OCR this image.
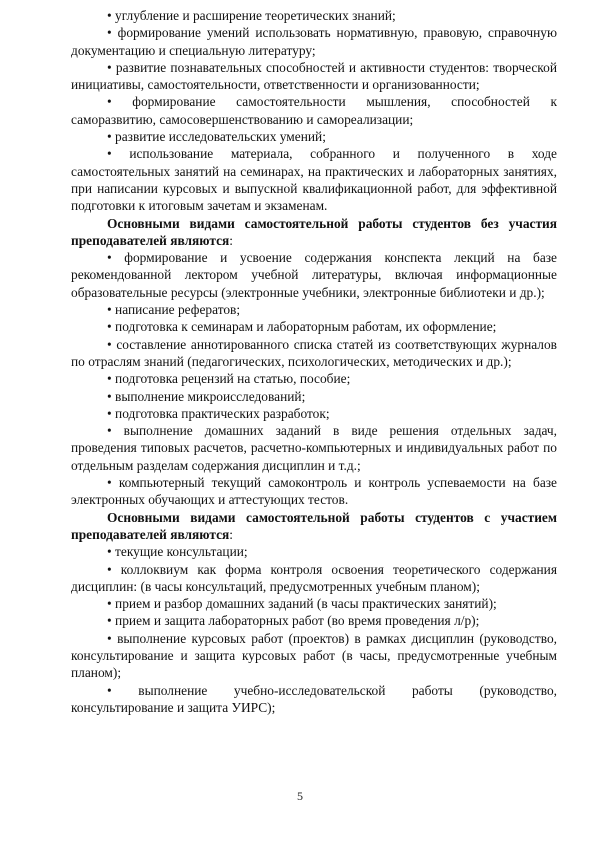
• углубление и расширение теоретических знаний;

• формирование умений использовать нормативную, правовую, справочную документацию и специальную литературу;

• развитие познавательных способностей и активности студентов: творческой инициативы, самостоятельности, ответственности и организованности;

• формирование самостоятельности мышления, способностей к саморазвитию, самосовершенствованию и самореализации;

• развитие исследовательских умений;

• использование материала, собранного и полученного в ходе самостоятельных занятий на семинарах, на практических и лабораторных занятиях, при написании курсовых и выпускной квалификационной работ, для эффективной подготовки к итоговым зачетам и экзаменам.

Основными видами самостоятельной работы студентов без участия преподавателей являются:

• формирование и усвоение содержания конспекта лекций на базе рекомендованной лектором учебной литературы, включая информационные образовательные ресурсы (электронные учебники, электронные библиотеки и др.);

• написание рефератов;

• подготовка к семинарам и лабораторным работам, их оформление;

• составление аннотированного списка статей из соответствующих журналов по отраслям знаний (педагогических, психологических, методических и др.);

• подготовка рецензий на статью, пособие;

• выполнение микроисследований;

• подготовка практических разработок;

• выполнение домашних заданий в виде решения отдельных задач, проведения типовых расчетов, расчетно-компьютерных и индивидуальных работ по отдельным разделам содержания дисциплин и т.д.;

• компьютерный текущий самоконтроль и контроль успеваемости на базе электронных обучающих и аттестующих тестов.

Основными видами самостоятельной работы студентов с участием преподавателей являются:

• текущие консультации;

• коллоквиум как форма контроля освоения теоретического содержания дисциплин: (в часы консультаций, предусмотренных учебным планом);

• прием и разбор домашних заданий (в часы практических занятий);

• прием и защита лабораторных работ (во время проведения л/р);

• выполнение курсовых работ (проектов) в рамках дисциплин (руководство, консультирование и защита курсовых работ (в часы, предусмотренные учебным планом);

• выполнение учебно-исследовательской работы (руководство, консультирование и защита УИРС);

5
